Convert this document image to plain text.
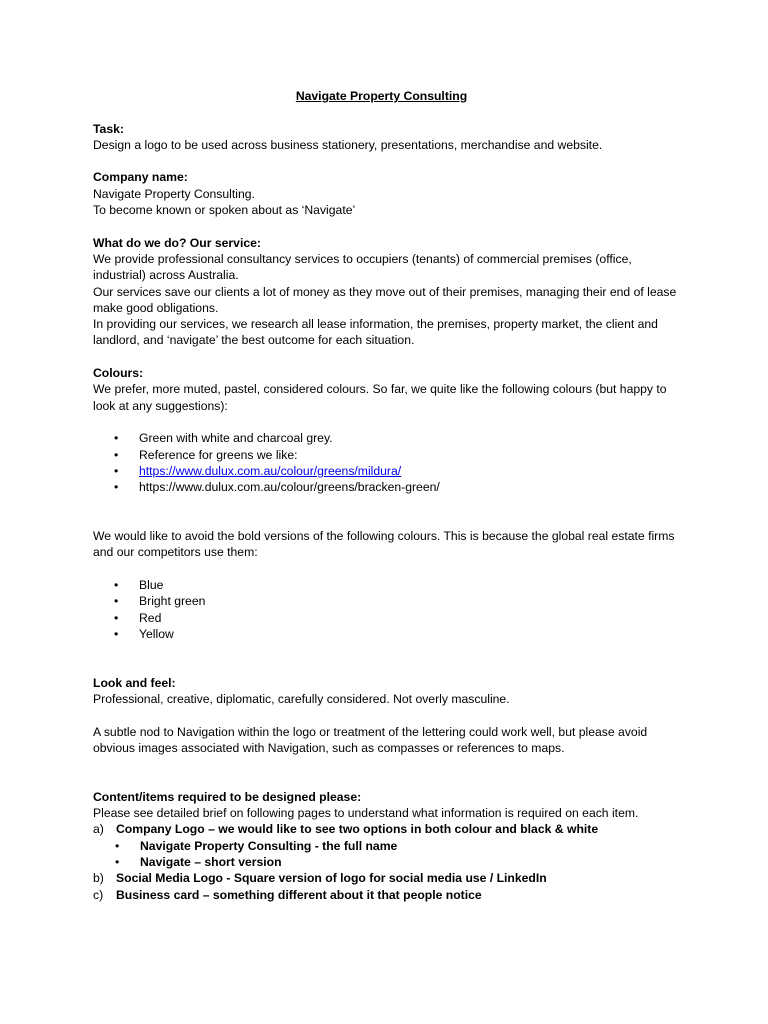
Navigate Property Consulting

Task:

Design a logo to be used across business stationery, presentations, merchandise and website.

Company name:

Navigate Property Consulting.

To become known or spoken about as ‘Navigate’

What do we do? Our service:

We provide professional consultancy services to occupiers (tenants) of commercial premises (office, industrial) across Australia.

Our services save our clients a lot of money as they move out of their premises, managing their end of lease make good obligations.

In providing our services, we research all lease information, the premises, property market, the client and landlord, and ‘navigate’ the best outcome for each situation.

Colours:

We prefer, more muted, pastel, considered colours. So far, we quite like the following colours (but happy to look at any suggestions):

• Green with white and charcoal grey.
• Reference for greens we like:
• https://www.dulux.com.au/colour/greens/mildura/
• https://www.dulux.com.au/colour/greens/bracken-green/

We would like to avoid the bold versions of the following colours. This is because the global real estate firms and our competitors use them:

• Blue
• Bright green
• Red
• Yellow

Look and feel:

Professional, creative, diplomatic, carefully considered. Not overly masculine.

A subtle nod to Navigation within the logo or treatment of the lettering could work well, but please avoid obvious images associated with Navigation, such as compasses or references to maps.

Content/items required to be designed please:

Please see detailed brief on following pages to understand what information is required on each item.

a) Company Logo – we would like to see two options in both colour and black & white
• Navigate Property Consulting - the full name
• Navigate – short version
b) Social Media Logo - Square version of logo for social media use / LinkedIn
c) Business card – something different about it that people notice
